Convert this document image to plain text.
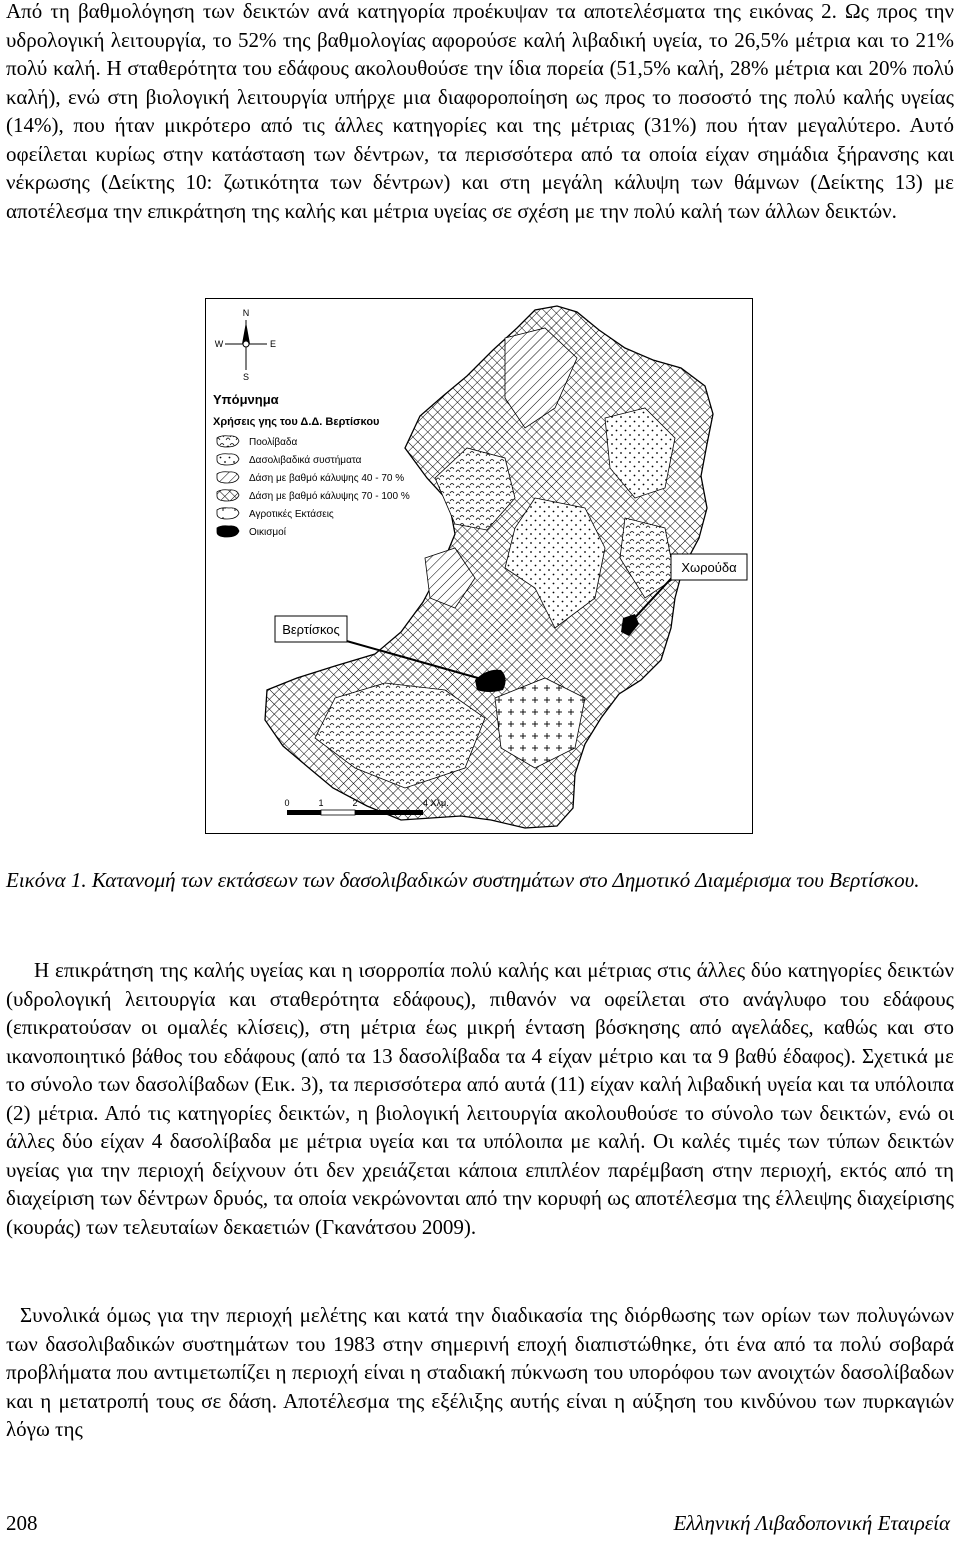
Από τη βαθμολόγηση των δεικτών ανά κατηγορία προέκυψαν τα αποτελέσματα της εικόνας 2. Ως προς την υδρολογική λειτουργία, το 52% της βαθμολογίας αφορούσε καλή λιβαδική υγεία, το 26,5% μέτρια και το 21% πολύ καλή. Η σταθερότητα του εδάφους ακολουθούσε την ίδια πορεία (51,5% καλή, 28% μέτρια και 20% πολύ καλή), ενώ στη βιολογική λειτουργία υπήρχε μια διαφοροποίηση ως προς το ποσοστό της πολύ καλής υγείας (14%), που ήταν μικρότερο από τις άλλες κατηγορίες και της μέτριας (31%) που ήταν μεγαλύτερο. Αυτό οφείλεται κυρίως στην κατάσταση των δέντρων, τα περισσότερα από τα οποία είχαν σημάδια ξήρανσης και νέκρωσης (Δείκτης 10: ζωτικότητα των δέντρων) και στη μεγάλη κάλυψη των θάμνων (Δείκτης 13) με αποτέλεσμα την επικράτηση της καλής και μέτρια υγείας σε σχέση με την πολύ καλή των άλλων δεικτών.

N
S
W	E
Υπόμνημα
Χρήσεις γης του Δ.Δ. Βερτίσκου
Ποολίβαδα
Δασολιβαδικά συστήματα
Δάση με βαθμό κάλυψης 40 - 70 %
Δάση με βαθμό κάλυψης 70 - 100 %
Αγροτικές Εκτάσεις
Οικισμοί
Βερτίσκος
Χωρούδα
0	1	2	4 Χλμ.

Εικόνα 1. Κατανομή των εκτάσεων των δασολιβαδικών συστημάτων στο Δημοτικό Διαμέρισμα του Βερτίσκου.

Η επικράτηση της καλής υγείας και η ισορροπία πολύ καλής και μέτριας στις άλλες δύο κατηγορίες δεικτών (υδρολογική λειτουργία και σταθερότητα εδάφους), πιθανόν να οφείλεται στο ανάγλυφο του εδάφους (επικρατούσαν οι ομαλές κλίσεις), στη μέτρια έως μικρή ένταση βόσκησης από αγελάδες, καθώς και στο ικανοποιητικό βάθος του εδάφους (από τα 13 δασολίβαδα τα 4 είχαν μέτριο και τα 9 βαθύ έδαφος). Σχετικά με το σύνολο των δασολίβαδων (Εικ. 3), τα περισσότερα από αυτά (11) είχαν καλή λιβαδική υγεία και τα υπόλοιπα (2) μέτρια. Από τις κατηγορίες δεικτών, η βιολογική λειτουργία ακολουθούσε το σύνολο των δεικτών, ενώ οι άλλες δύο είχαν 4 δασολίβαδα με μέτρια υγεία και τα υπόλοιπα με καλή. Οι καλές τιμές των τύπων δεικτών υγείας για την περιοχή δείχνουν ότι δεν χρειάζεται κάποια επιπλέον παρέμβαση στην περιοχή, εκτός από τη διαχείριση των δέντρων δρυός, τα οποία νεκρώνονται από την κορυφή ως αποτέλεσμα της έλλειψης διαχείρισης (κουράς) των τελευταίων δεκαετιών (Γκανάτσου 2009).

Συνολικά όμως για την περιοχή μελέτης και κατά την διαδικασία της διόρθωσης των ορίων των πολυγώνων των δασολιβαδικών συστημάτων του 1983 στην σημερινή εποχή διαπιστώθηκε, ότι ένα από τα πολύ σοβαρά προβλήματα που αντιμετωπίζει η περιοχή είναι η σταδιακή πύκνωση του υπορόφου των ανοιχτών δασολίβαδων και η μετατροπή τους σε δάση. Αποτέλεσμα της εξέλιξης αυτής είναι η αύξηση του κινδύνου των πυρκαγιών λόγω της

208	Ελληνική Λιβαδοπονική Εταιρεία
